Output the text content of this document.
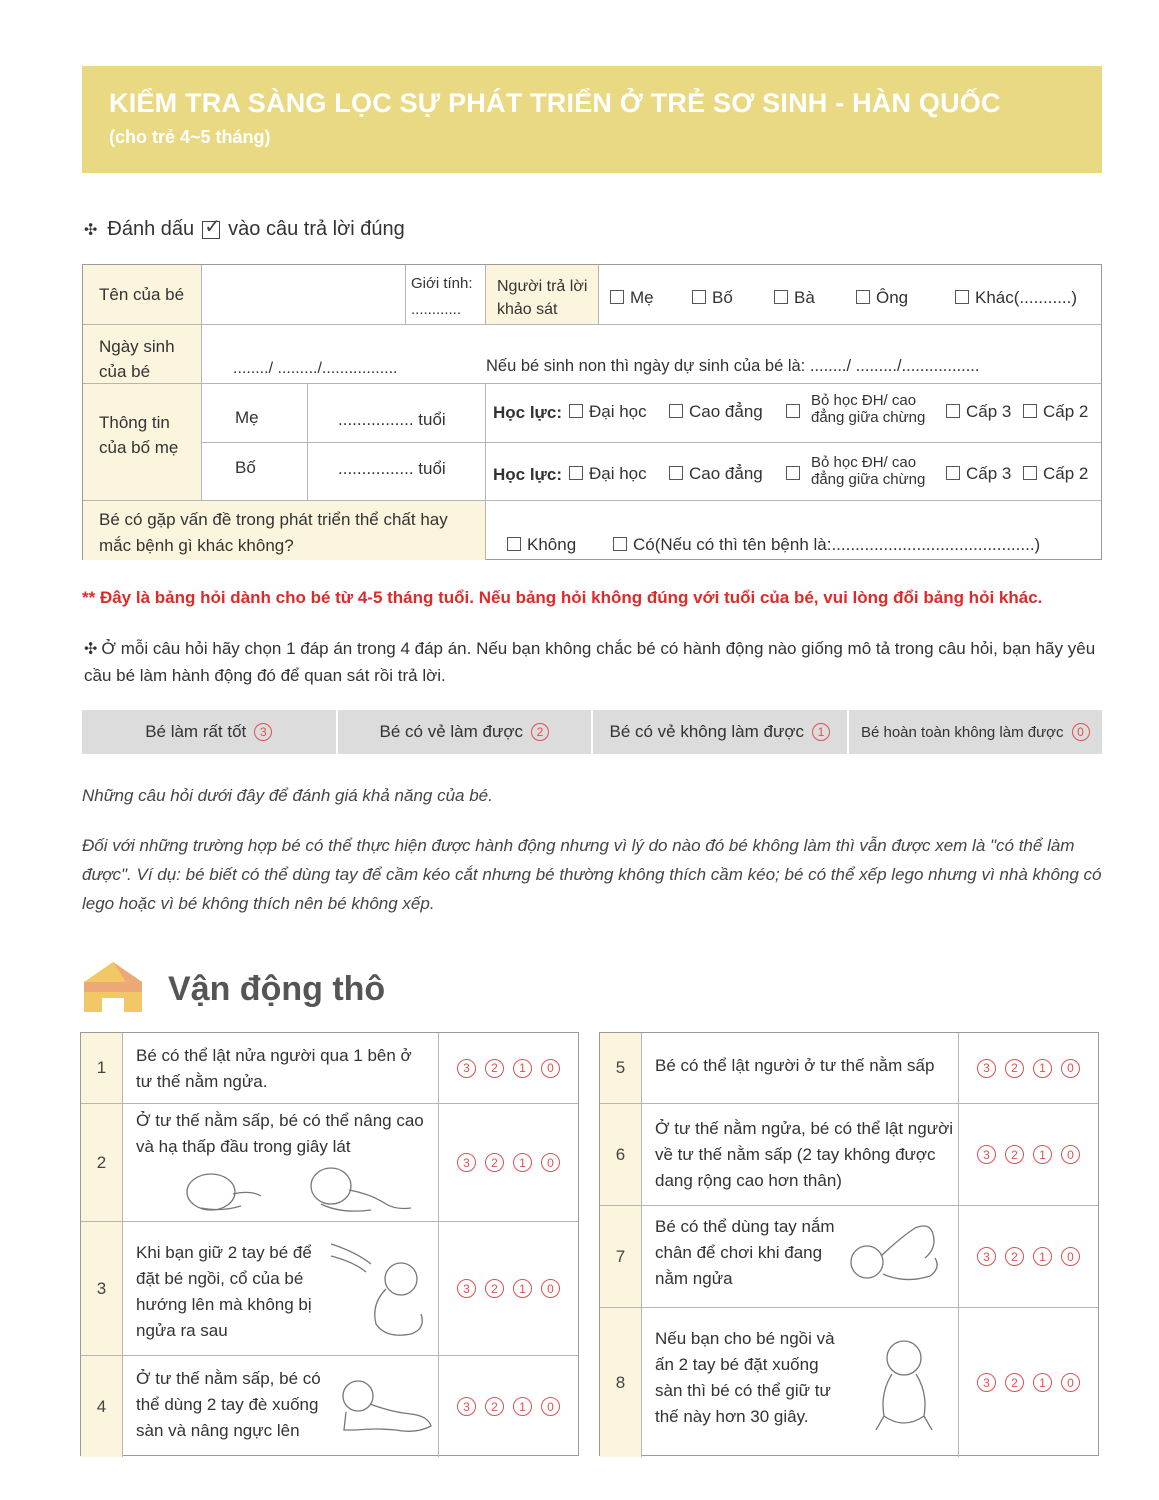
KIỂM TRA SÀNG LỌC SỰ PHÁT TRIỂN Ở TRẺ SƠ SINH - HÀN QUỐC
(cho trẻ 4~5 tháng)
✣ Đánh dấu
✓ vào câu trả lời đúng
Tên của bé
Giới tính:
............
Người trả lời khảo sát
Mẹ	Bố	Bà	Ông	Khác(...........)
Ngày sinh của bé	......../ ........./.................	Nếu bé sinh non thì ngày dự sinh của bé là: ......../ ........./.................
Thông tin của bố mẹ
Mẹ
Bố
................ tuổi
................ tuổi
Học lực:	Đại học	Cao đẳng
Bỏ học ĐH/ cao đẳng giữa chừng	Cấp 3	Cấp 2
Học lực:	Đại học	Cao đẳng
Bỏ học ĐH/ cao đẳng giữa chừng	Cấp 3	Cấp 2
Bé có gặp vấn đề trong phát triển thể chất hay mắc bệnh gì khác không?	Không	Có(Nếu có thì tên bệnh là:...........................................)
** Đây là bảng hỏi dành cho bé từ 4-5 tháng tuổi. Nếu bảng hỏi không đúng với tuổi của bé, vui lòng đổi bảng hỏi khác.
✣ Ở mỗi câu hỏi hãy chọn 1 đáp án trong 4 đáp án. Nếu bạn không chắc bé có hành động nào giống mô tả trong câu hỏi, bạn hãy yêu cầu bé làm hành động đó để quan sát rồi trả lời.
Bé làm rất tốt	3	Bé có vẻ làm được	2	Bé có vẻ không làm được	1	Bé hoàn toàn không làm được	0
Những câu hỏi dưới đây để đánh giá khả năng của bé.
Đối với những trường hợp bé có thể thực hiện được hành động nhưng vì lý do nào đó bé không làm thì vẫn được xem là "có thể làm được". Ví dụ: bé biết có thể dùng tay để cầm kéo cắt nhưng bé thường không thích cầm kéo; bé có thể xếp lego nhưng vì nhà không có lego hoặc vì bé không thích nên bé không xếp.
Vận động thô
1
Bé có thể lật nửa người qua 1 bên ở tư thế nằm ngửa.
3	2	1	0
2
Ở tư thế nằm sấp, bé có thể nâng cao và hạ thấp đầu trong giây lát
3	2	1	0
3
Khi bạn giữ 2 tay bé để đặt bé ngồi, cổ của bé hướng lên mà không bị ngửa ra sau
3	2	1	0
4
Ở tư thế nằm sấp, bé có thể dùng 2 tay đè xuống sàn và nâng ngực lên
3	2	1	0
5	Bé có thể lật người ở tư thế nằm sấp	3	2	1	0
6
Ở tư thế nằm ngửa, bé có thể lật người về tư thế nằm sấp (2 tay không được dang rộng cao hơn thân)
3	2	1	0
7
Bé có thể dùng tay nắm chân để chơi khi đang nằm ngửa
3	2	1	0
8
Nếu bạn cho bé ngồi và ấn 2 tay bé đặt xuống sàn thì bé có thể giữ tư thế này hơn 30 giây.
3	2	1	0
